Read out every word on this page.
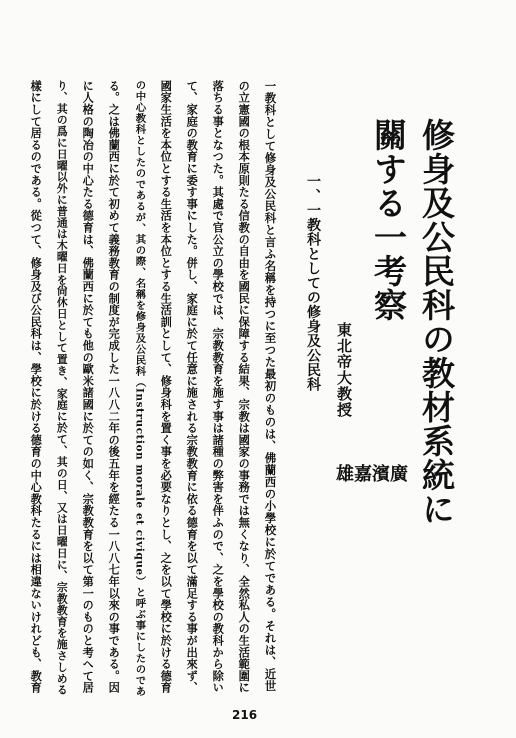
修身及公民科の教材系統に
關する一考察
東北帝大教授
廣
濱
嘉
雄
一、一教科としての修身及公民科
一教科として修身及公民科と言ふ名稱を持つに至つた最初のものは、佛蘭西の小學校に於てである。それは、近世
の立憲國の根本原則たる信教の自由を國民に保障する結果、宗教は國家の事務では無くなり、全然私人の生活範圍に
落ちる事となつた。其處で官公立の學校では、宗教教育を施す事は諸種の弊害を伴ふので、之を學校の教科から除い
て、家庭の教育に委す事にした。併し、家庭に於て任意に施される宗教教育に依る德育を以て滿足する事が出來ず、
國家生活を本位とする生活を本位とする生活訓として、修身科を置く事を必要なりとし、之を以て學校に於ける德育
の中心教科としたのであるが、其の際、名稱を修身及公民科（Instruction morale et civique）と呼ぶ事にしたのであ
る。之は佛蘭西に於て初めて義務教育の制度が完成した一八八二年の後五年を經たる一八八七年以來の事である。因
に人格の陶冶の中心たる德育は、佛蘭西に於ても他の歐米諸國に於ての如く、宗教教育を以て第一のものと考へて居
り、其の爲に日曜以外に普通は木曜日を尙休日として置き、家庭に於て、其の日、又は日曜日に、宗教教育を施さしめる
樣にして居るのである。從つて、修身及び公民科は、學校に於ける德育の中心教科たるには相違ないけれども、教育
216
